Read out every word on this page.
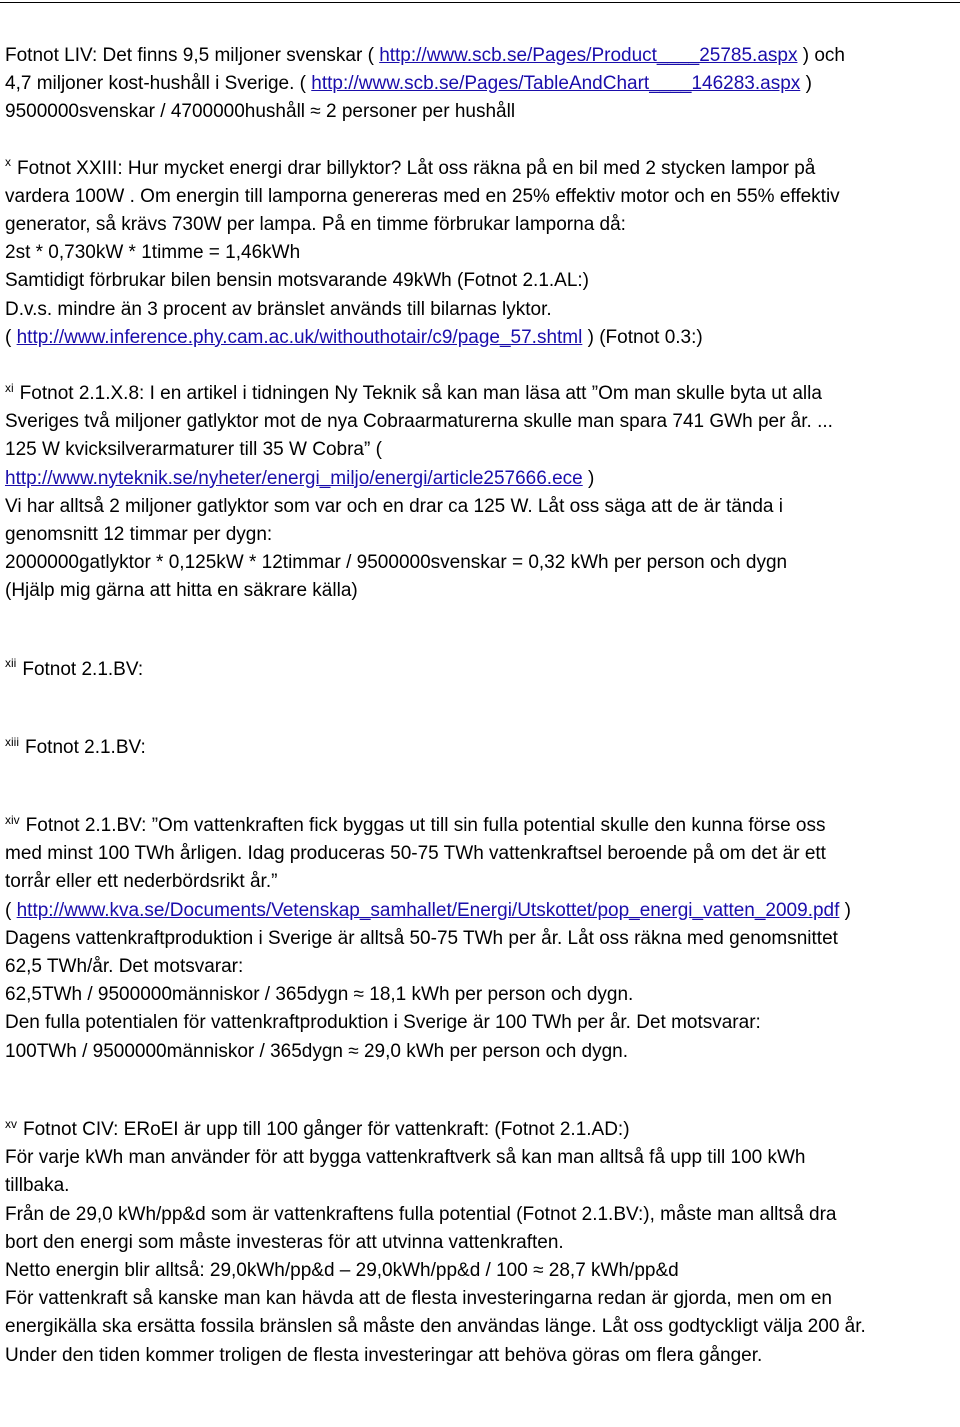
Fotnot LIV: Det finns 9,5 miljoner svenskar ( http://www.scb.se/Pages/Product____25785.aspx ) och
4,7 miljoner kost-hushåll i Sverige. ( http://www.scb.se/Pages/TableAndChart____146283.aspx )
9500000svenskar / 4700000hushåll ≈ 2 personer per hushåll
$^x$ Fotnot XXIII: Hur mycket energi drar billyktor? Låt oss räkna på en bil med 2 stycken lampor på
vardera 100W . Om energin till lamporna genereras med en 25% effektiv motor och en 55% effektiv
generator, så krävs 730W per lampa. På en timme förbrukar lamporna då:
2st * 0,730kW * 1timme = 1,46kWh
Samtidigt förbrukar bilen bensin motsvarande 49kWh (Fotnot 2.1.AL:)
D.v.s. mindre än 3 procent av bränslet används till bilarnas lyktor.
( http://www.inference.phy.cam.ac.uk/withouthotair/c9/page_57.shtml ) (Fotnot 0.3:)
$^{xi}$ Fotnot 2.1.X.8: I en artikel i tidningen Ny Teknik så kan man läsa att ”Om man skulle byta ut alla
Sveriges två miljoner gatlyktor mot de nya Cobraarmaturerna skulle man spara 741 GWh per år. ...
125 W kvicksilverarmaturer till 35 W Cobra” (
http://www.nyteknik.se/nyheter/energi_miljo/energi/article257666.ece )
Vi har alltså 2 miljoner gatlyktor som var och en drar ca 125 W. Låt oss säga att de är tända i
genomsnitt 12 timmar per dygn:
2000000gatlyktor * 0,125kW * 12timmar / 9500000svenskar = 0,32 kWh per person och dygn
(Hjälp mig gärna att hitta en säkrare källa)
$^{xii}$ Fotnot 2.1.BV:
$^{xiii}$ Fotnot 2.1.BV:
$^{xiv}$ Fotnot 2.1.BV: ”Om vattenkraften fick byggas ut till sin fulla potential skulle den kunna förse oss
med minst 100 TWh årligen. Idag produceras 50-75 TWh vattenkraftsel beroende på om det är ett
torrår eller ett nederbördsrikt år.”
( http://www.kva.se/Documents/Vetenskap_samhallet/Energi/Utskottet/pop_energi_vatten_2009.pdf )
Dagens vattenkraftproduktion i Sverige är alltså 50-75 TWh per år. Låt oss räkna med genomsnittet
62,5 TWh/år. Det motsvarar:
62,5TWh / 9500000människor / 365dygn ≈ 18,1 kWh per person och dygn.
Den fulla potentialen för vattenkraftproduktion i Sverige är 100 TWh per år. Det motsvarar:
100TWh / 9500000människor / 365dygn ≈ 29,0 kWh per person och dygn.
$^{xv}$ Fotnot CIV: ERoEI är upp till 100 gånger för vattenkraft: (Fotnot 2.1.AD:)
För varje kWh man använder för att bygga vattenkraftverk så kan man alltså få upp till 100 kWh
tillbaka.
Från de 29,0 kWh/pp&d som är vattenkraftens fulla potential (Fotnot 2.1.BV:), måste man alltså dra
bort den energi som måste investeras för att utvinna vattenkraften.
Netto energin blir alltså: 29,0kWh/pp&d – 29,0kWh/pp&d / 100 ≈ 28,7 kWh/pp&d
För vattenkraft så kanske man kan hävda att de flesta investeringarna redan är gjorda, men om en
energikälla ska ersätta fossila bränslen så måste den användas länge. Låt oss godtyckligt välja 200 år.
Under den tiden kommer troligen de flesta investeringar att behöva göras om flera gånger.
